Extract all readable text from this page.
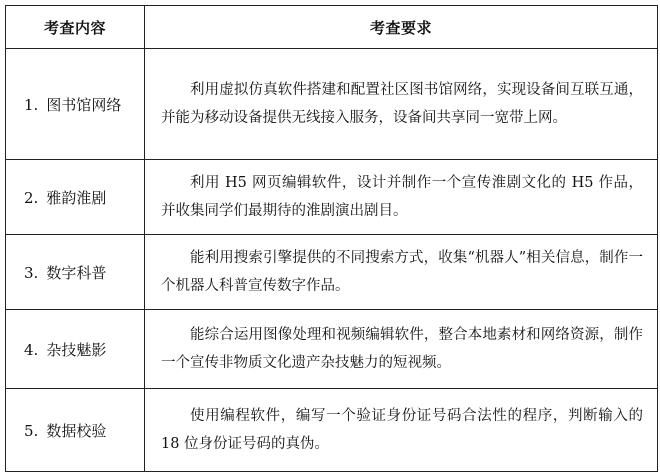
考查内容	考查要求
1. 图书馆网络	利用虚拟仿真软件搭建和配置社区图书馆网络，实现设备间互联互通，并能为移动设备提供无线接入服务，设备间共享同一宽带上网。
2. 雅韵淮剧	利用 H5 网页编辑软件，设计并制作一个宣传淮剧文化的 H5 作品，并收集同学们最期待的淮剧演出剧目。
3. 数字科普	能利用搜索引擎提供的不同搜索方式，收集“机器人”相关信息，制作一个机器人科普宣传数字作品。
4. 杂技魅影	能综合运用图像处理和视频编辑软件，整合本地素材和网络资源，制作一个宣传非物质文化遗产杂技魅力的短视频。
5. 数据校验	使用编程软件，编写一个验证身份证号码合法性的程序，判断输入的 18 位身份证号码的真伪。
